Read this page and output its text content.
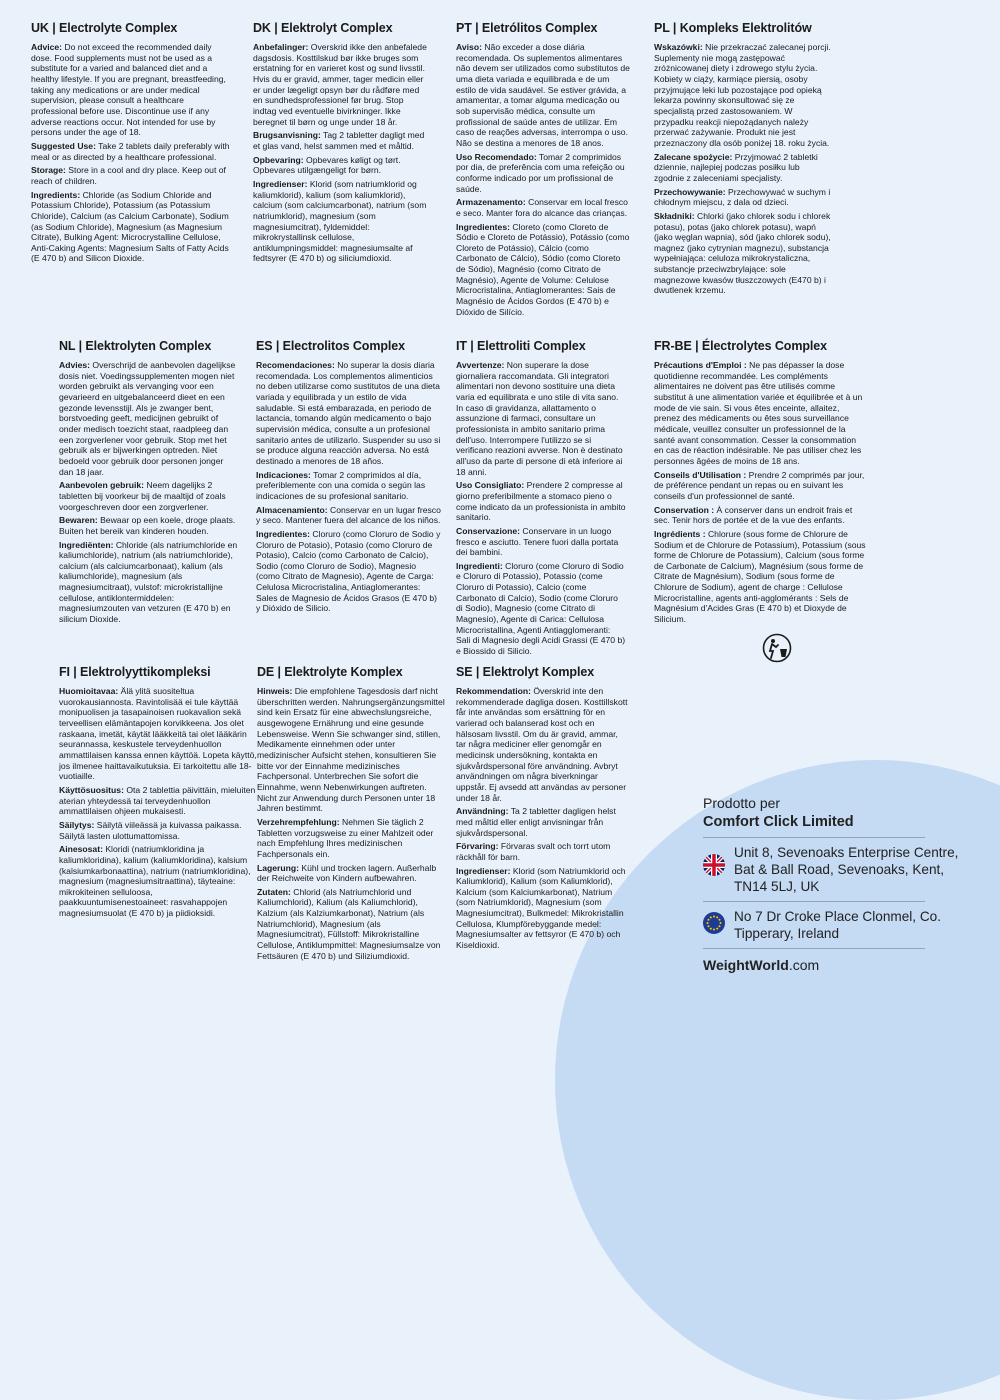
UK | Electrolyte Complex

Advice: Do not exceed the recommended daily dose. Food supplements must not be used as a substitute for a varied and balanced diet and a healthy lifestyle. If you are pregnant, breastfeeding, taking any medications or are under medical supervision, please consult a healthcare professional before use. Discontinue use if any adverse reactions occur. Not intended for use by persons under the age of 18.

Suggested Use: Take 2 tablets daily preferably with meal or as directed by a healthcare professional.

Storage: Store in a cool and dry place. Keep out of reach of children.

Ingredients: Chloride (as Sodium Chloride and Potassium Chloride), Potassium (as Potassium Chloride), Calcium (as Calcium Carbonate), Sodium (as Sodium Chloride), Magnesium (as Magnesium Citrate), Bulking Agent: Microcrystalline Cellulose, Anti-Caking Agents: Magnesium Salts of Fatty Acids (E 470 b) and Silicon Dioxide.

DK | Elektrolyt Complex

Anbefalinger: Overskrid ikke den anbefalede dagsdosis. Kosttilskud bør ikke bruges som erstatning for en varieret kost og sund livsstil. Hvis du er gravid, ammer, tager medicin eller er under lægeligt opsyn bør du rådføre med en sundhedsprofessionel før brug. Stop indtag ved eventuelle bivirkninger. Ikke beregnet til børn og unge under 18 år.

Brugsanvisning: Tag 2 tabletter dagligt med et glas vand, helst sammen med et måltid.

Opbevaring: Opbevares køligt og tørt. Opbevares utilgængeligt for børn.

Ingredienser: Klorid (som natriumklorid og kaliumklorid), kalium (som kaliumklorid), calcium (som calciumcarbonat), natrium (som natriumklorid), magnesium (som magnesiumcitrat), fyldemiddel: mikrokrystallinsk cellulose, antiklumpningsmiddel: magnesiumsalte af fedtsyrer (E 470 b) og siliciumdioxid.

PT | Eletrólitos Complex

Aviso: Não exceder a dose diária recomendada. Os suplementos alimentares não devem ser utilizados como substitutos de uma dieta variada e equilibrada e de um estilo de vida saudável. Se estiver grávida, a amamentar, a tomar alguma medicação ou sob supervisão médica, consulte um profissional de saúde antes de utilizar. Em caso de reações adversas, interrompa o uso. Não se destina a menores de 18 anos.

Uso Recomendado: Tomar 2 comprimidos por dia, de preferência com uma refeição ou conforme indicado por um profissional de saúde.

Armazenamento: Conservar em local fresco e seco. Manter fora do alcance das crianças.

Ingredientes: Cloreto (como Cloreto de Sódio e Cloreto de Potássio), Potássio (como Cloreto de Potássio), Cálcio (como Carbonato de Cálcio), Sódio (como Cloreto de Sódio), Magnésio (como Citrato de Magnésio), Agente de Volume: Celulose Microcristalina, Antiaglomerantes: Sais de Magnésio de Ácidos Gordos (E 470 b) e Dióxido de Silício.

PL | Kompleks Elektrolitów

Wskazówki: Nie przekraczać zalecanej porcji. Suplementy nie mogą zastępować zróżnicowanej diety i zdrowego stylu życia. Kobiety w ciąży, karmiące piersią, osoby przyjmujące leki lub pozostające pod opieką lekarza powinny skonsultować się ze specjalistą przed zastosowaniem. W przypadku reakcji niepożądanych należy przerwać zażywanie. Produkt nie jest przeznaczony dla osób poniżej 18. roku życia.

Zalecane spożycie: Przyjmować 2 tabletki dziennie, najlepiej podczas posiłku lub zgodnie z zaleceniami specjalisty.

Przechowywanie: Przechowywać w suchym i chłodnym miejscu, z dala od dzieci.

Składniki: Chlorki (jako chlorek sodu i chlorek potasu), potas (jako chlorek potasu), wapń (jako węglan wapnia), sód (jako chlorek sodu), magnez (jako cytrynian magnezu), substancja wypełniająca: celuloza mikrokrystaliczna, substancje przeciwzbrylające: sole magnezowe kwasów tłuszczowych (E470 b) i dwutlenek krzemu.

NL | Elektrolyten Complex

Advies: Overschrijd de aanbevolen dagelijkse dosis niet. Voedingssupplementen mogen niet worden gebruikt als vervanging voor een gevarieerd en uitgebalanceerd dieet en een gezonde levensstijl. Als je zwanger bent, borstvoeding geeft, medicijnen gebruikt of onder medisch toezicht staat, raadpleeg dan een zorgverlener voor gebruik. Stop met het gebruik als er bijwerkingen optreden. Niet bedoeld voor gebruik door personen jonger dan 18 jaar.

Aanbevolen gebruik: Neem dagelijks 2 tabletten bij voorkeur bij de maaltijd of zoals voorgeschreven door een zorgverlener.

Bewaren: Bewaar op een koele, droge plaats. Buiten het bereik van kinderen houden.

Ingrediënten: Chloride (als natriumchloride en kaliumchloride), natrium (als natriumchloride), calcium (als calciumcarbonaat), kalium (als kaliumchloride), magnesium (als magnesiumcitraat), vulstof: microkristallijne cellulose, antiklontermiddelen: magnesiumzouten van vetzuren (E 470 b) en silicium Dioxide.

ES | Electrolitos Complex

Recomendaciones: No superar la dosis diaria recomendada. Los complementos alimenticios no deben utilizarse como sustitutos de una dieta variada y equilibrada y un estilo de vida saludable. Si está embarazada, en periodo de lactancia, tomando algún medicamento o bajo supervisión médica, consulte a un profesional sanitario antes de utilizarlo. Suspender su uso si se produce alguna reacción adversa. No está destinado a menores de 18 años.

Indicaciones: Tomar 2 comprimidos al día, preferiblemente con una comida o según las indicaciones de su profesional sanitario.

Almacenamiento: Conservar en un lugar fresco y seco. Mantener fuera del alcance de los niños.

Ingredientes: Cloruro (como Cloruro de Sodio y Cloruro de Potasio), Potasio (como Cloruro de Potasio), Calcio (como Carbonato de Calcio), Sodio (como Cloruro de Sodio), Magnesio (como Citrato de Magnesio), Agente de Carga: Celulosa Microcristalina, Antiaglomerantes: Sales de Magnesio de Ácidos Grasos (E 470 b) y Dióxido de Silicio.

IT | Elettroliti Complex

Avvertenze: Non superare la dose giornaliera raccomandata. Gli integratori alimentari non devono sostituire una dieta varia ed equilibrata e uno stile di vita sano. In caso di gravidanza, allattamento o assunzione di farmaci, consultare un professionista in ambito sanitario prima dell'uso. Interrompere l'utilizzo se si verificano reazioni avverse. Non è destinato all'uso da parte di persone di età inferiore ai 18 anni.

Uso Consigliato: Prendere 2 compresse al giorno preferibilmente a stomaco pieno o come indicato da un professionista in ambito sanitario.

Conservazione: Conservare in un luogo fresco e asciutto. Tenere fuori dalla portata dei bambini.

Ingredienti: Cloruro (come Cloruro di Sodio e Cloruro di Potassio), Potassio (come Cloruro di Potassio), Calcio (come Carbonato di Calcio), Sodio (come Cloruro di Sodio), Magnesio (come Citrato di Magnesio), Agente di Carica: Cellulosa Microcristallina, Agenti Antiagglomeranti: Sali di Magnesio degli Acidi Grassi (E 470 b) e Biossido di Silicio.

FR-BE | Électrolytes Complex

Précautions d'Emploi : Ne pas dépasser la dose quotidienne recommandée. Les compléments alimentaires ne doivent pas être utilisés comme substitut à une alimentation variée et équilibrée et à un mode de vie sain. Si vous êtes enceinte, allaitez, prenez des médicaments ou êtes sous surveillance médicale, veuillez consulter un professionnel de la santé avant consommation. Cesser la consommation en cas de réaction indésirable. Ne pas utiliser chez les personnes âgées de moins de 18 ans.

Conseils d'Utilisation : Prendre 2 comprimés par jour, de préférence pendant un repas ou en suivant les conseils d'un professionnel de santé.

Conservation : À conserver dans un endroit frais et sec. Tenir hors de portée et de la vue des enfants.

Ingrédients : Chlorure (sous forme de Chlorure de Sodium et de Chlorure de Potassium), Potassium (sous forme de Chlorure de Potassium), Calcium (sous forme de Carbonate de Calcium), Magnésium (sous forme de Citrate de Magnésium), Sodium (sous forme de Chlorure de Sodium), agent de charge : Cellulose Microcristalline, agents anti-agglomérants : Sels de Magnésium d'Acides Gras (E 470 b) et Dioxyde de Silicium.

FI | Elektrolyyttikompleksi

Huomioitavaa: Älä ylitä suositeltua vuorokausiannosta. Ravintolisää ei tule käyttää monipuolisen ja tasapainoisen ruokavalion sekä terveellisen elämäntapojen korvikkeena. Jos olet raskaana, imetät, käytät lääkkeitä tai olet lääkärin seurannassa, keskustele terveydenhuollon ammattilaisen kanssa ennen käyttöä. Lopeta käyttö, jos ilmenee haittavaikutuksia. Ei tarkoitettu alle 18-vuotiaille.

Käyttösuositus: Ota 2 tablettia päivittäin, mieluiten aterian yhteydessä tai terveydenhuollon ammattilaisen ohjeen mukaisesti.

Säilytys: Säilytä viileässä ja kuivassa paikassa. Säilytä lasten ulottumattomissa.

Ainesosat: Kloridi (natriumkloridina ja kaliumkloridina), kalium (kaliumkloridina), kalsium (kalsiumkarbonaattina), natrium (natriumkloridina), magnesium (magnesiumsitraattina), täyteaine: mikrokiteinen selluloosa, paakkuuntumisenestoaineet: rasvahappojen magnesiumsuolat (E 470 b) ja piidioksidi.

DE | Elektrolyte Komplex

Hinweis: Die empfohlene Tagesdosis darf nicht überschritten werden. Nahrungsergänzungsmittel sind kein Ersatz für eine abwechslungsreiche, ausgewogene Ernährung und eine gesunde Lebensweise. Wenn Sie schwanger sind, stillen, Medikamente einnehmen oder unter medizinischer Aufsicht stehen, konsultieren Sie bitte vor der Einnahme medizinisches Fachpersonal. Unterbrechen Sie sofort die Einnahme, wenn Nebenwirkungen auftreten. Nicht zur Anwendung durch Personen unter 18 Jahren bestimmt.

Verzehrempfehlung: Nehmen Sie täglich 2 Tabletten vorzugsweise zu einer Mahlzeit oder nach Empfehlung Ihres medizinischen Fachpersonals ein.

Lagerung: Kühl und trocken lagern. Außerhalb der Reichweite von Kindern aufbewahren.

Zutaten: Chlorid (als Natriumchlorid und Kaliumchlorid), Kalium (als Kaliumchlorid), Kalzium (als Kalziumkarbonat), Natrium (als Natriumchlorid), Magnesium (als Magnesiumcitrat), Füllstoff: Mikrokristalline Cellulose, Antiklumpmittel: Magnesiumsalze von Fettsäuren (E 470 b) und Siliziumdioxid.

SE | Elektrolyt Komplex

Rekommendation: Överskrid inte den rekommenderade dagliga dosen. Kosttillskott får inte användas som ersättning för en varierad och balanserad kost och en hälsosam livsstil. Om du är gravid, ammar, tar några mediciner eller genomgår en medicinsk undersökning, kontakta en sjukvårdspersonal före användning. Avbryt användningen om några biverkningar uppstår. Ej avsedd att användas av personer under 18 år.

Användning: Ta 2 tabletter dagligen helst med måltid eller enligt anvisningar från sjukvårdspersonal.

Förvaring: Förvaras svalt och torrt utom räckhåll för barn.

Ingredienser: Klorid (som Natriumklorid och Kaliumklorid), Kalium (som Kaliumklorid), Kalcium (som Kalciumkarbonat), Natrium (som Natriumklorid), Magnesium (som Magnesiumcitrat), Bulkmedel: Mikrokristallin Cellulosa, Klumpförebyggande medel: Magnesiumsalter av fettsyror (E 470 b) och Kiseldioxid.

Prodotto per
Comfort Click Limited
Unit 8, Sevenoaks Enterprise Centre, Bat & Ball Road, Sevenoaks, Kent, TN14 5LJ, UK
No 7 Dr Croke Place Clonmel, Co. Tipperary, Ireland
WeightWorld.com
